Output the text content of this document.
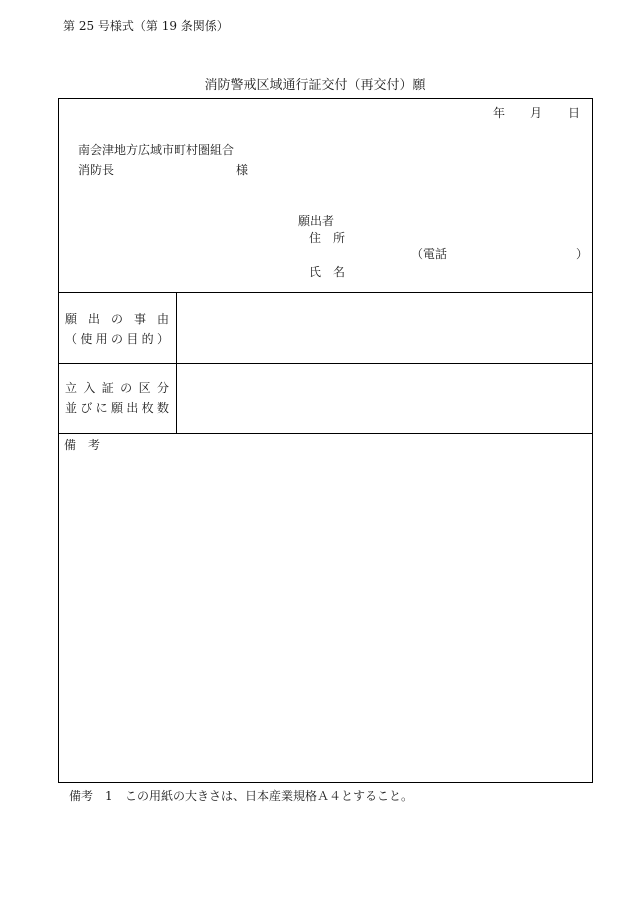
第 25 号様式（第 19 条関係）
消防警戒区域通行証交付（再交付）願
年 月 日
南会津地方広域市町村圏組合
消防長	様
願出者
住　所
（電話	）
氏　名
願 出 の 事 由
（ 使 用 の 目 的 ）
立 入 証 の 区 分
並 び に 願 出 枚 数
備　考
備考 1 この用紙の大きさは、日本産業規格Ａ４とすること。
